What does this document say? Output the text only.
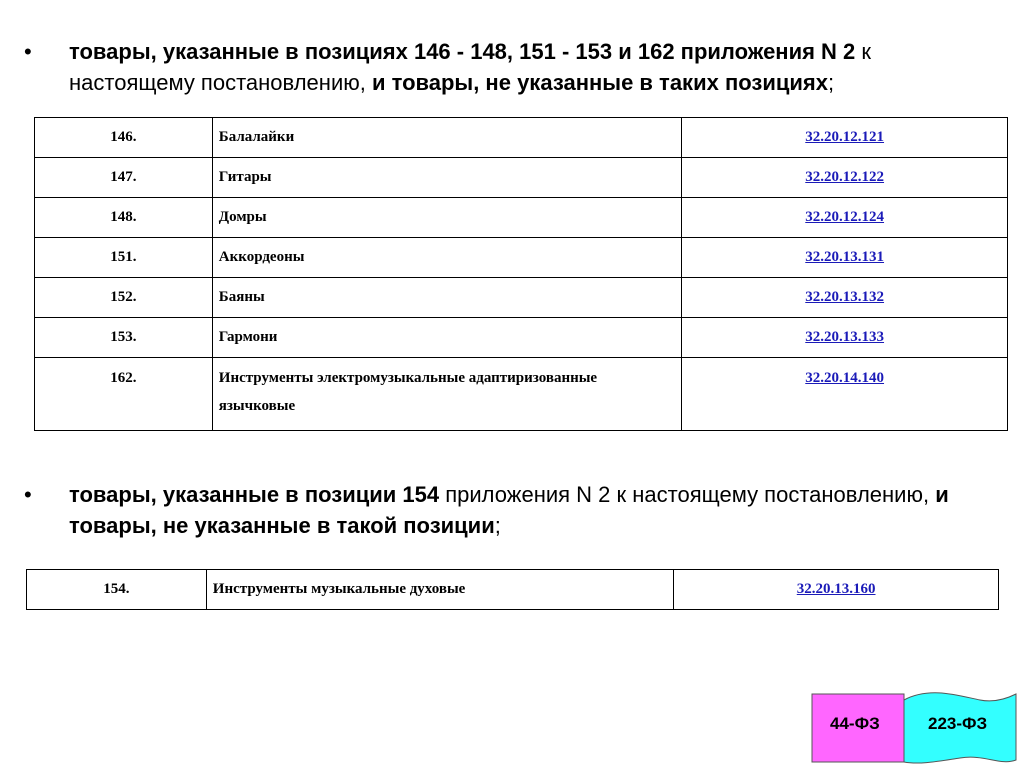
• товары, указанные в позициях 146 - 148, 151 - 153 и 162 приложения N 2 к настоящему постановлению, и товары, не указанные в таких позициях;
146.	Балалайки	32.20.12.121
147.	Гитары	32.20.12.122
148.	Домры	32.20.12.124
151.	Аккордеоны	32.20.13.131
152.	Баяны	32.20.13.132
153.	Гармони	32.20.13.133
162.	Инструменты электромузыкальные адаптиризованные язычковые	32.20.14.140
• товары, указанные в позиции 154 приложения N 2 к настоящему постановлению, и товары, не указанные в такой позиции;
154.	Инструменты музыкальные духовые	32.20.13.160
44-ФЗ	223-ФЗ
